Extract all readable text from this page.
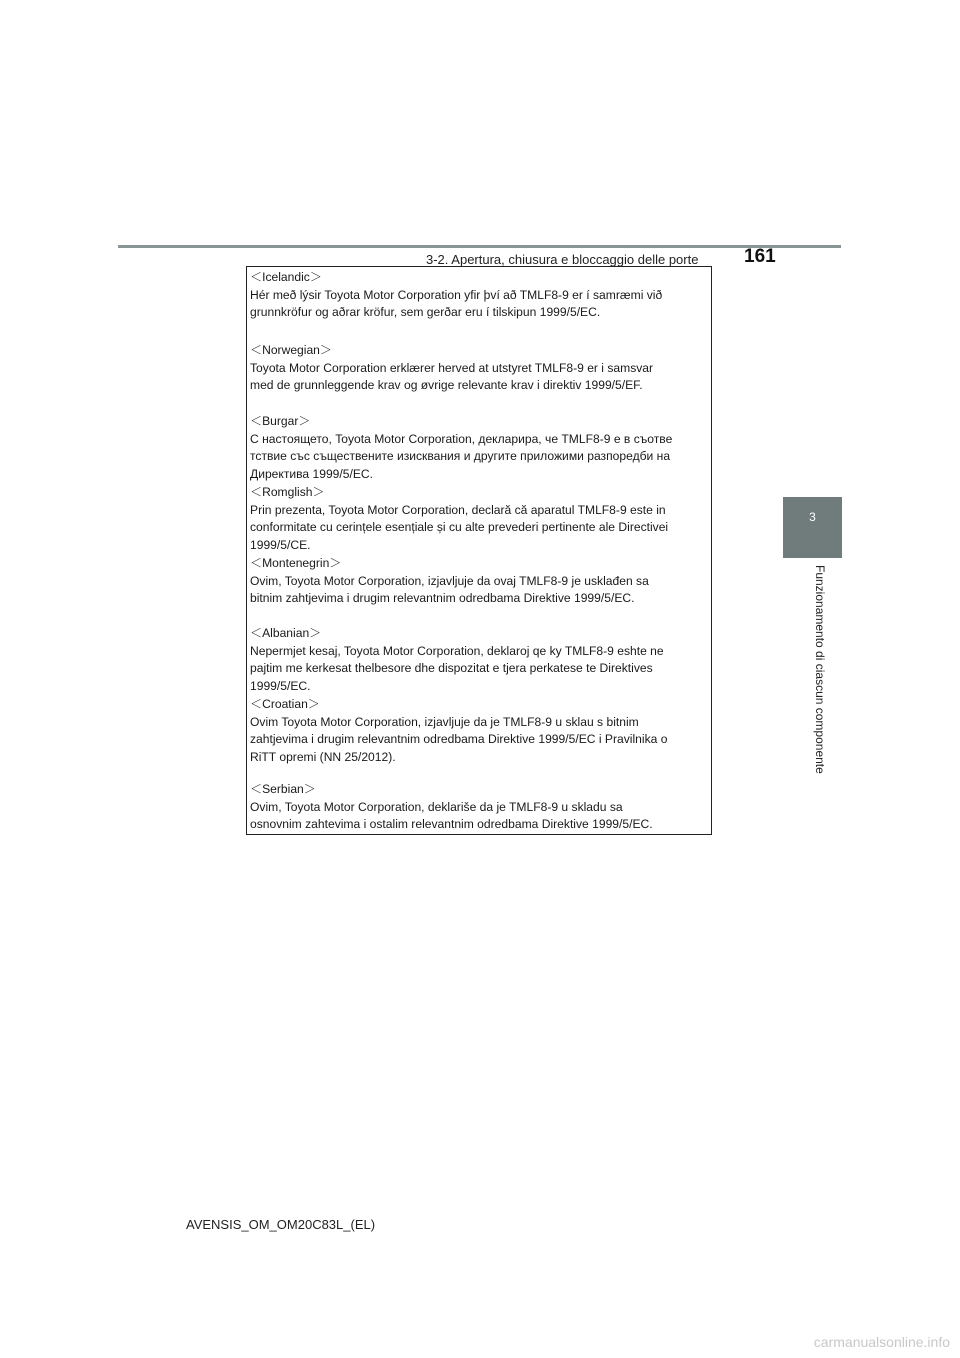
3-2. Apertura, chiusura e bloccaggio delle porte 161
3
Funzionamento di ciascun componente
＜Icelandic＞
Hér með lýsir Toyota Motor Corporation yfir því að TMLF8-9 er í samræmi við
grunnkröfur og aðrar kröfur, sem gerðar eru í tilskipun 1999/5/EC.
＜Norwegian＞
Toyota Motor Corporation erklærer herved at utstyret TMLF8-9 er i samsvar
med de grunnleggende krav og øvrige relevante krav i direktiv 1999/5/EF.
＜Burgar＞
С настоящето, Toyota Motor Corporation, декларира, че TMLF8-9 е в съотве
тствие със съществените изисквания и другите приложими разпоредби на
Директива 1999/5/EC.
＜Romglish＞
Prin prezenta, Toyota Motor Corporation, declară că aparatul TMLF8-9 este in
conformitate cu cerințele esențiale și cu alte prevederi pertinente ale Directivei
1999/5/CE.
＜Montenegrin＞
Ovim, Toyota Motor Corporation, izjavljuje da ovaj TMLF8-9 je usklađen sa
bitnim zahtjevima i drugim relevantnim odredbama Direktive 1999/5/EC.
＜Albanian＞
Nepermjet kesaj, Toyota Motor Corporation, deklaroj qe ky TMLF8-9 eshte ne
pajtim me kerkesat thelbesore dhe dispozitat e tjera perkatese te Direktives
1999/5/EC.
＜Croatian＞
Ovim Toyota Motor Corporation, izjavljuje da je TMLF8-9 u sklau s bitnim
zahtjevima i drugim relevantnim odredbama Direktive 1999/5/EC i Pravilnika o
RiTT opremi (NN 25/2012).
＜Serbian＞
Ovim, Toyota Motor Corporation, deklariše da je TMLF8-9 u skladu sa
osnovnim zahtevima i ostalim relevantnim odredbama Direktive 1999/5/EC.
AVENSIS_OM_OM20C83L_(EL)
carmanualsonline.info
